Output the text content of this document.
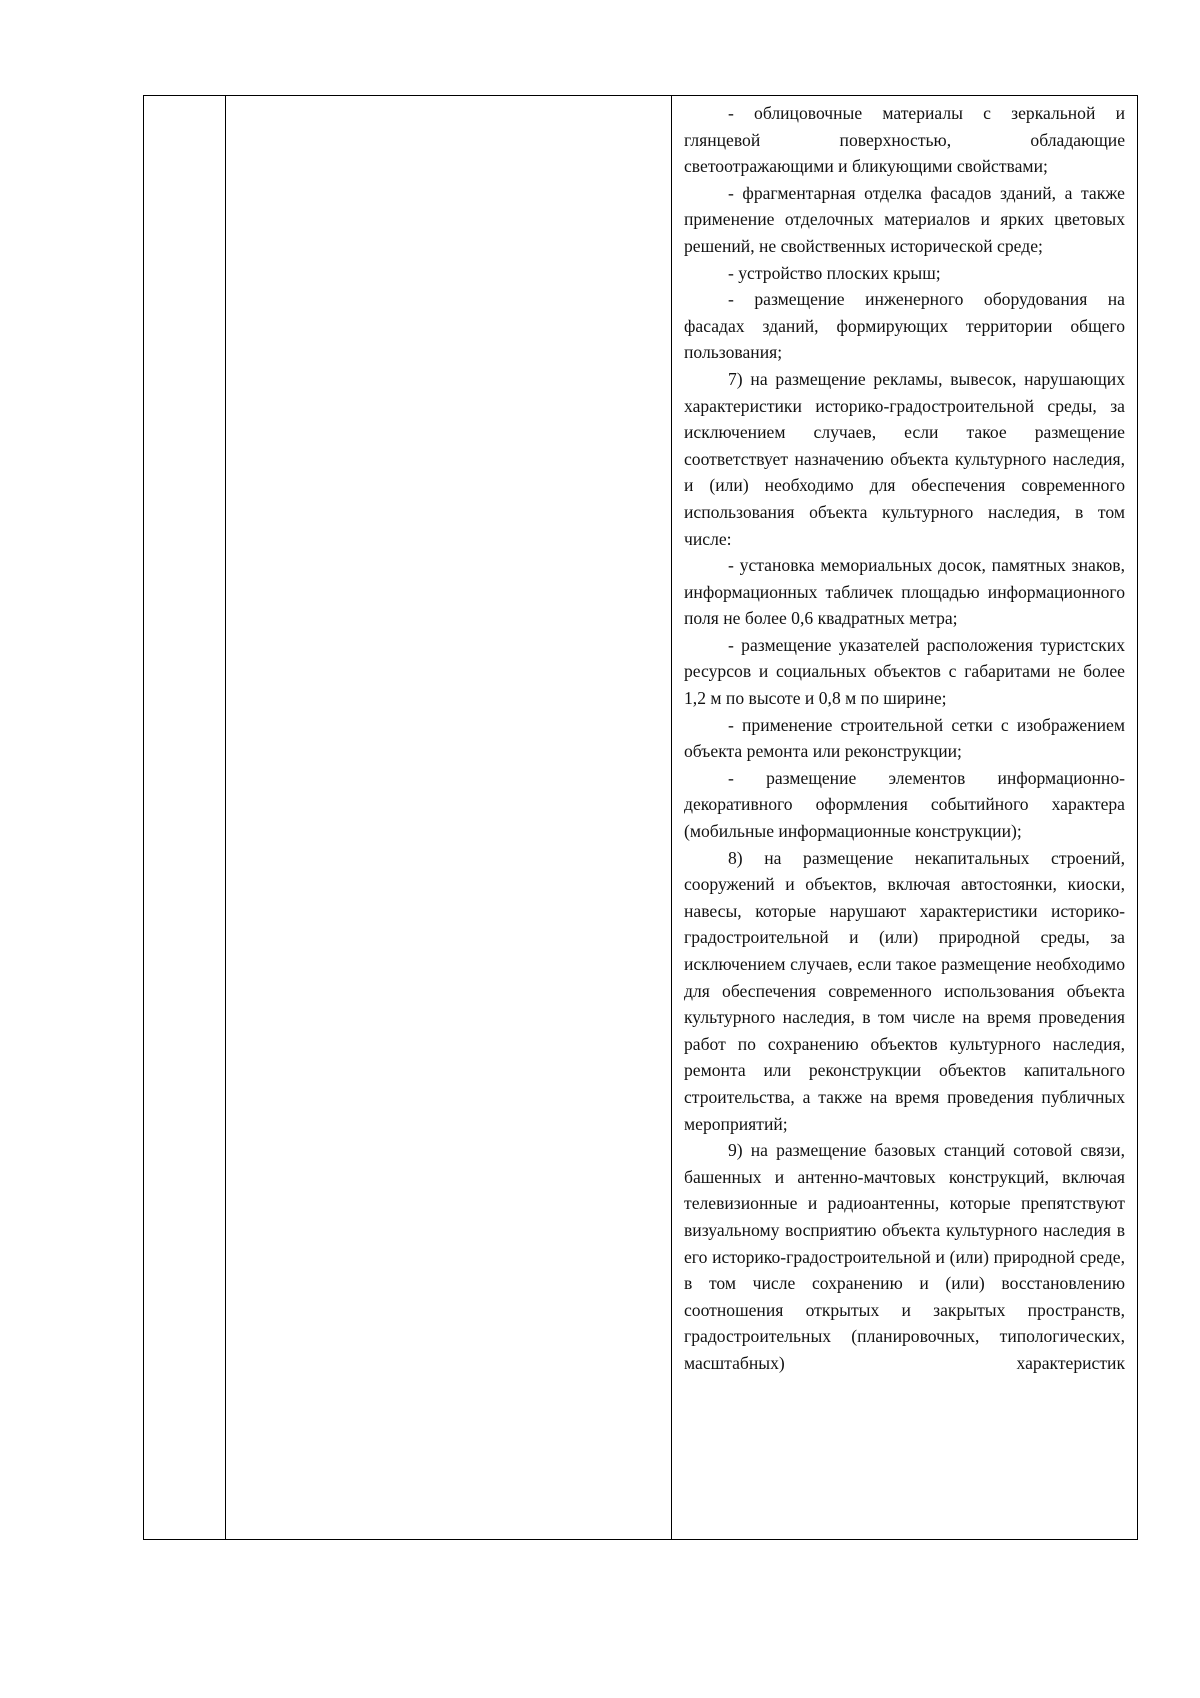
- облицовочные материалы с зеркальной и глянцевой поверхностью, обладающие светоотражающими и бликующими свойствами;

- фрагментарная отделка фасадов зданий, а также применение отделочных материалов и ярких цветовых решений, не свойственных исторической среде;

- устройство плоских крыш;

- размещение инженерного оборудования на фасадах зданий, формирующих территории общего пользования;

7) на размещение рекламы, вывесок, нарушающих характеристики историко-градостроительной среды, за исключением случаев, если такое размещение соответствует назначению объекта культурного наследия, и (или) необходимо для обеспечения современного использования объекта культурного наследия, в том числе:

- установка мемориальных досок, памятных знаков, информационных табличек площадью информационного поля не более 0,6 квадратных метра;

- размещение указателей расположения туристских ресурсов и социальных объектов с габаритами не более 1,2 м по высоте и 0,8 м по ширине;

- применение строительной сетки с изображением объекта ремонта или реконструкции;

- размещение элементов информационно-декоративного оформления событийного характера (мобильные информационные конструкции);

8) на размещение некапитальных строений, сооружений и объектов, включая автостоянки, киоски, навесы, которые нарушают характеристики историко-градостроительной и (или) природной среды, за исключением случаев, если такое размещение необходимо для обеспечения современного использования объекта культурного наследия, в том числе на время проведения работ по сохранению объектов культурного наследия, ремонта или реконструкции объектов капитального строительства, а также на время проведения публичных мероприятий;

9) на размещение базовых станций сотовой связи, башенных и антенно-мачтовых конструкций, включая телевизионные и радиоантенны, которые препятствуют визуальному восприятию объекта культурного наследия в его историко-градостроительной и (или) природной среде, в том числе сохранению и (или) восстановлению соотношения открытых и закрытых пространств, градостроительных (планировочных, типологических, масштабных) характеристик
